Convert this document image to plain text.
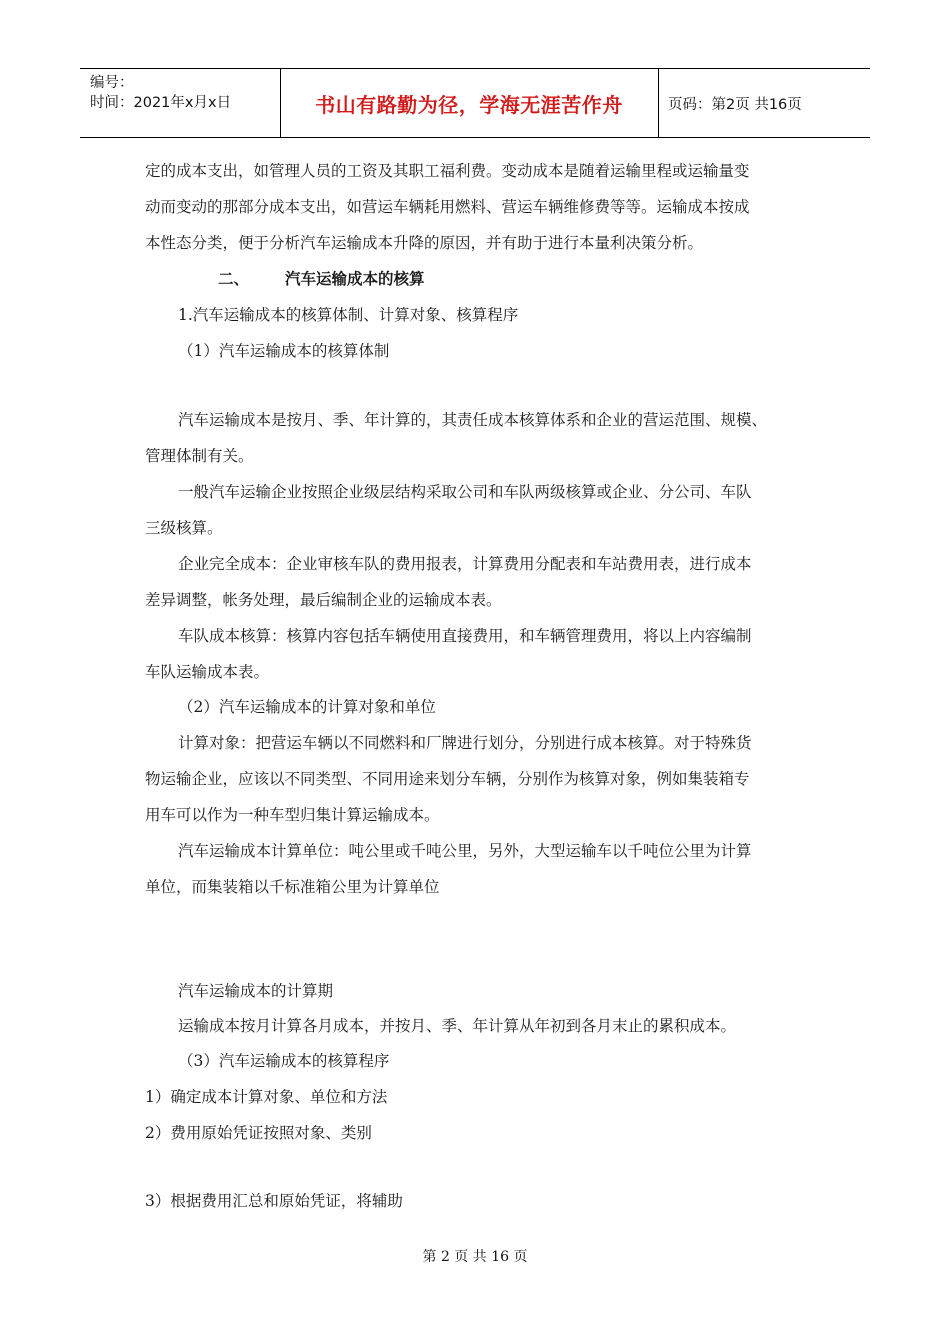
编号：
时间：2021年x月x日	书山有路勤为径，学海无涯苦作舟	页码：第2页 共16页
定的成本支出，如管理人员的工资及其职工福利费。变动成本是随着运输里程或运输量变
动而变动的那部分成本支出，如营运车辆耗用燃料、营运车辆维修费等等。运输成本按成
本性态分类，便于分析汽车运输成本升降的原因，并有助于进行本量利决策分析。
二、 汽车运输成本的核算
1.汽车运输成本的核算体制、计算对象、核算程序
（1）汽车运输成本的核算体制
汽车运输成本是按月、季、年计算的，其责任成本核算体系和企业的营运范围、规模、
管理体制有关。
一般汽车运输企业按照企业级层结构采取公司和车队两级核算或企业、分公司、车队
三级核算。
企业完全成本：企业审核车队的费用报表，计算费用分配表和车站费用表，进行成本
差异调整，帐务处理，最后编制企业的运输成本表。
车队成本核算：核算内容包括车辆使用直接费用，和车辆管理费用，将以上内容编制
车队运输成本表。
（2）汽车运输成本的计算对象和单位
计算对象：把营运车辆以不同燃料和厂牌进行划分，分别进行成本核算。对于特殊货
物运输企业，应该以不同类型、不同用途来划分车辆，分别作为核算对象，例如集装箱专
用车可以作为一种车型归集计算运输成本。
汽车运输成本计算单位：吨公里或千吨公里，另外，大型运输车以千吨位公里为计算
单位，而集装箱以千标准箱公里为计算单位
汽车运输成本的计算期
运输成本按月计算各月成本，并按月、季、年计算从年初到各月末止的累积成本。
（3）汽车运输成本的核算程序
1）确定成本计算对象、单位和方法
2）费用原始凭证按照对象、类别
3）根据费用汇总和原始凭证，将辅助
第 2 页 共 16 页
